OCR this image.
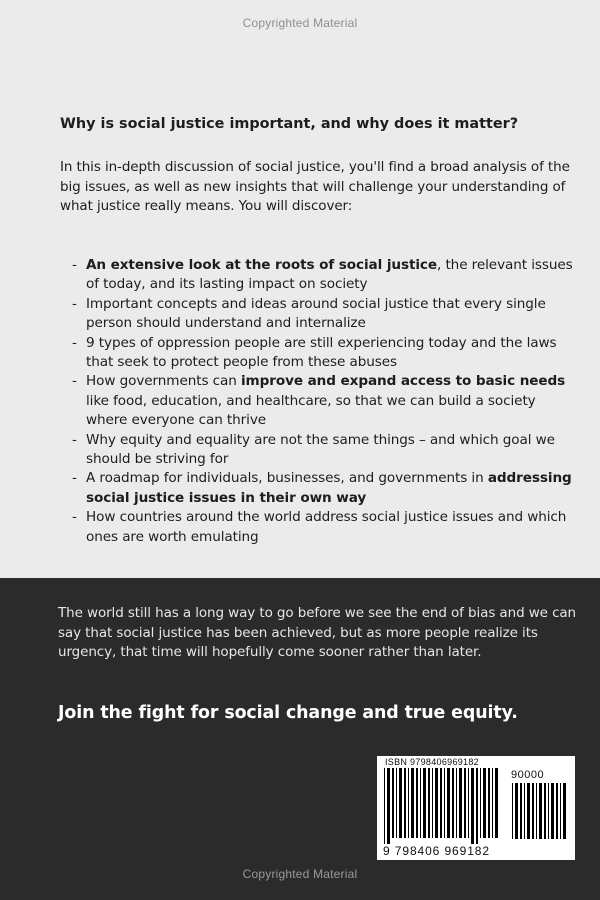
Copyrighted Material
Why is social justice important, and why does it matter?

In this in-depth discussion of social justice, you'll find a broad analysis of the big issues, as well as new insights that will challenge your understanding of what justice really means. You will discover:

- An extensive look at the roots of social justice, the relevant issues of today, and its lasting impact on society
- Important concepts and ideas around social justice that every single person should understand and internalize
- 9 types of oppression people are still experiencing today and the laws that seek to protect people from these abuses
- How governments can improve and expand access to basic needs like food, education, and healthcare, so that we can build a society where everyone can thrive
- Why equity and equality are not the same things – and which goal we should be striving for
- A roadmap for individuals, businesses, and governments in addressing social justice issues in their own way
- How countries around the world address social justice issues and which ones are worth emulating

The world still has a long way to go before we see the end of bias and we can say that social justice has been achieved, but as more people realize its urgency, that time will hopefully come sooner rather than later.

Join the fight for social change and true equity.
ISBN 9798406969182
90000
9 798406 969182
Copyrighted Material
